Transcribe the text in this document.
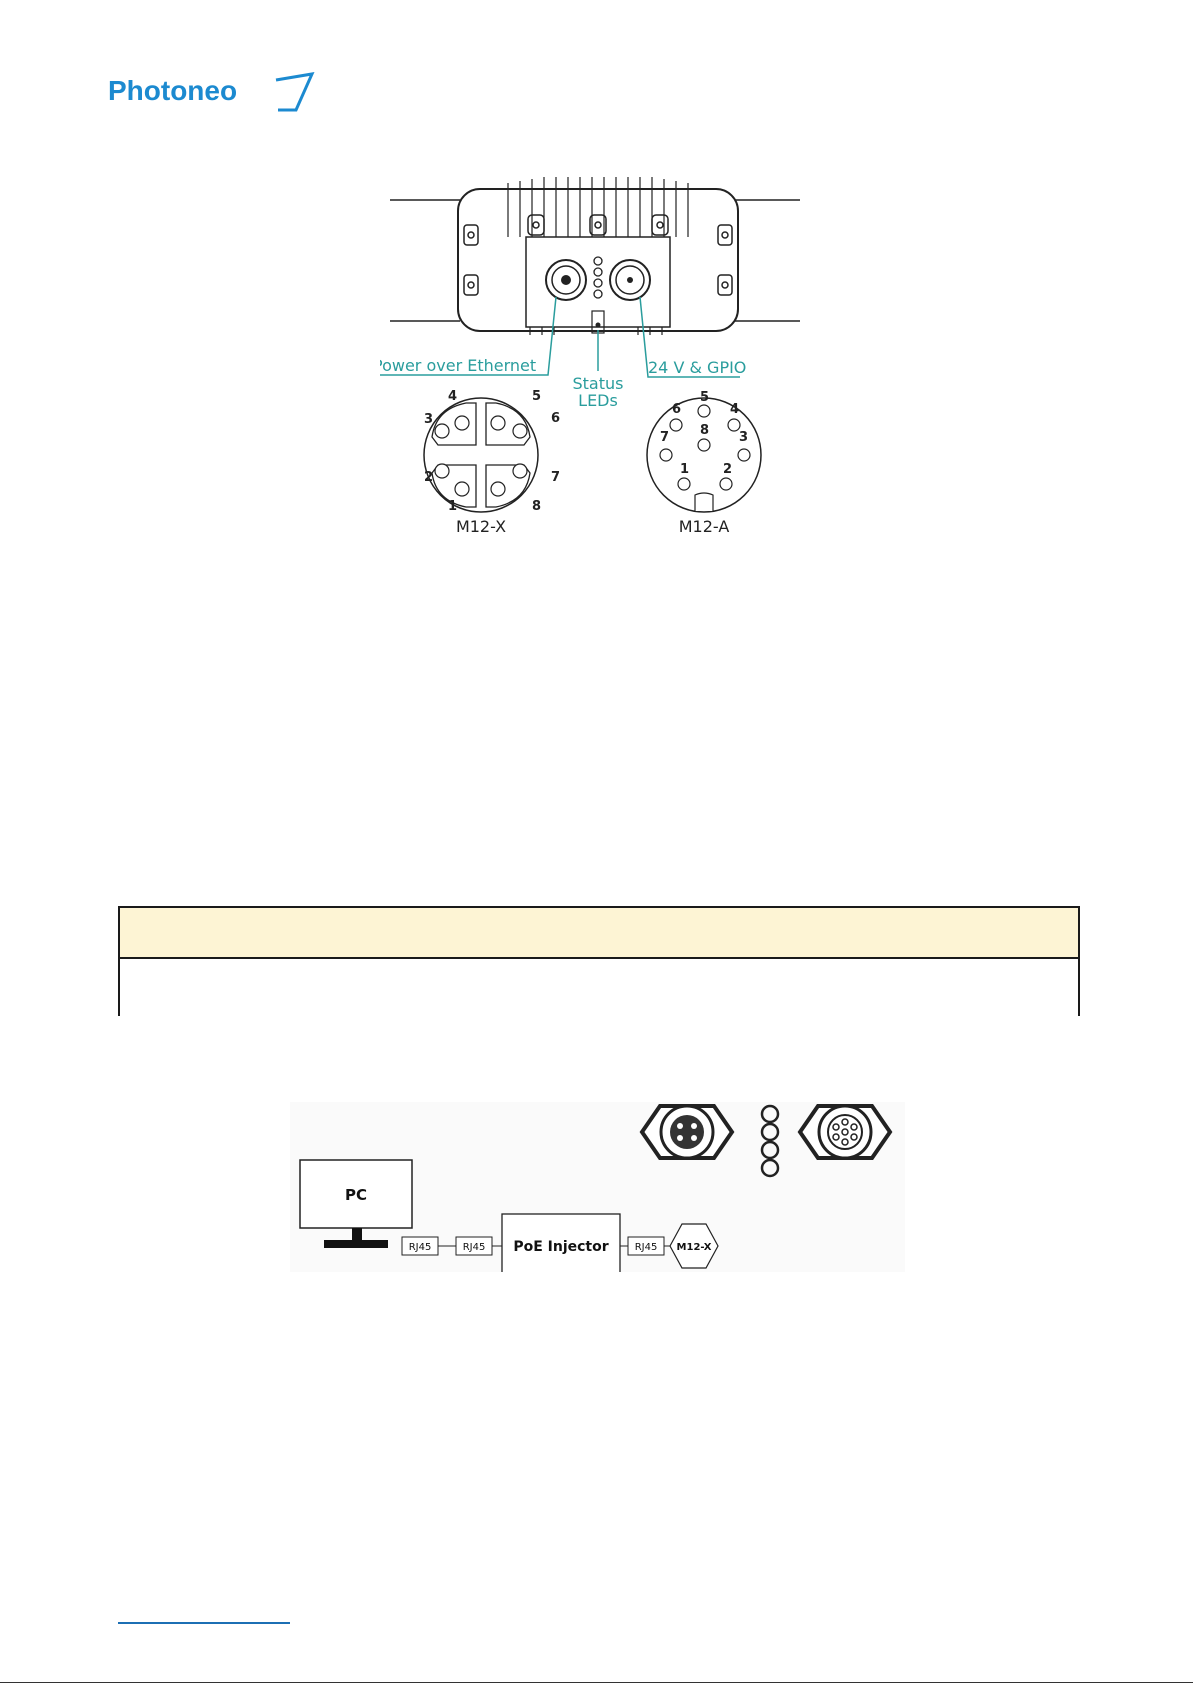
Photoneo
Power over Ethernet
Status
LEDs
24 V & GPIO
1
2
3
4	5
6
7
8
M12-X
1	2
3
4
5
6
7 8
M12-A
PC
RJ45	RJ45 PoE Injector	RJ45 M12-X
